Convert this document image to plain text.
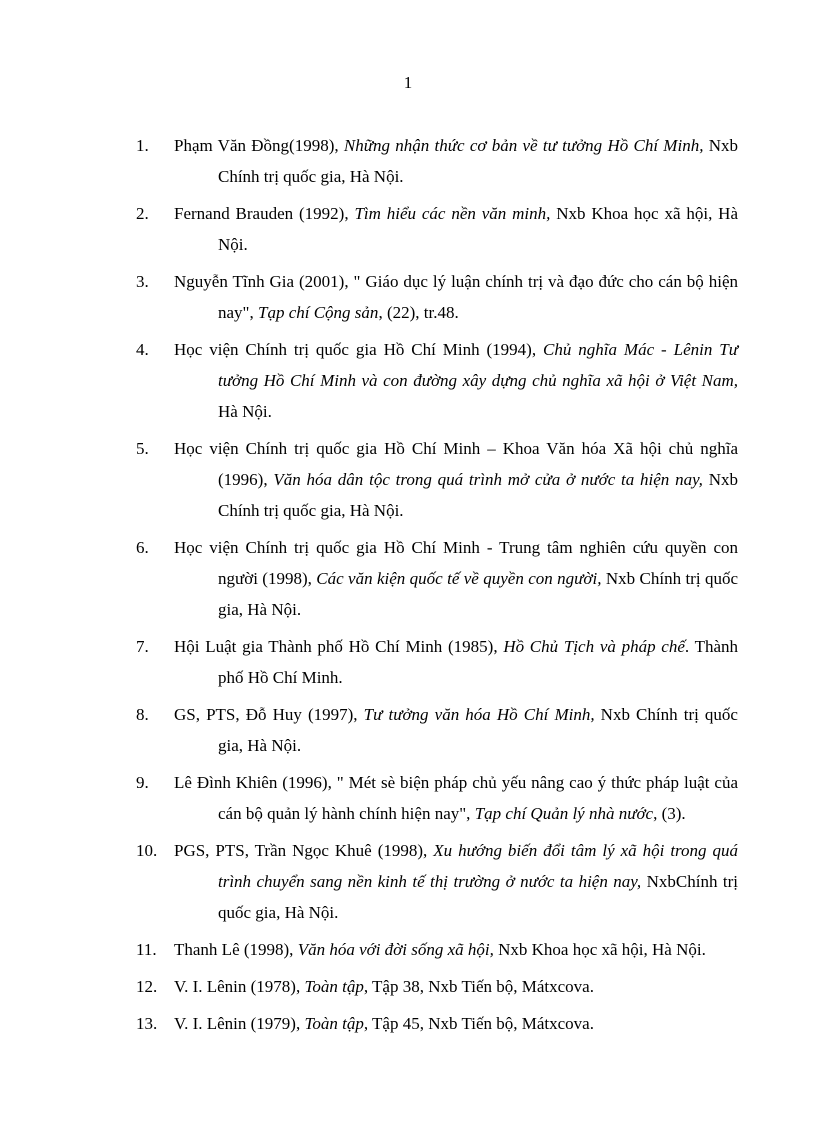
1
1. Phạm Văn Đồng(1998), Những nhận thức cơ bản về tư tưởng Hồ Chí Minh, Nxb Chính trị quốc gia, Hà Nội.
2. Fernand Brauden (1992), Tìm hiểu các nền văn minh, Nxb Khoa học xã hội, Hà Nội.
3. Nguyễn Tĩnh Gia (2001), " Giáo dục lý luận chính trị và đạo đức cho cán bộ hiện nay", Tạp chí Cộng sản, (22), tr.48.
4. Học viện Chính trị quốc gia Hồ Chí Minh (1994), Chủ nghĩa Mác - Lênin Tư tưởng Hồ Chí Minh và con đường xây dựng chủ nghĩa xã hội ở Việt Nam, Hà Nội.
5. Học viện Chính trị quốc gia Hồ Chí Minh – Khoa Văn hóa Xã hội chủ nghĩa (1996), Văn hóa dân tộc trong quá trình mở cửa ở nước ta hiện nay, Nxb Chính trị quốc gia, Hà Nội.
6. Học viện Chính trị quốc gia Hồ Chí Minh - Trung tâm nghiên cứu quyền con người (1998), Các văn kiện quốc tế về quyền con người, Nxb Chính trị quốc gia, Hà Nội.
7. Hội Luật gia Thành phố Hồ Chí Minh (1985), Hồ Chủ Tịch và pháp chế. Thành phố Hồ Chí Minh.
8. GS, PTS, Đỗ Huy (1997), Tư tưởng văn hóa Hồ Chí Minh, Nxb Chính trị quốc gia, Hà Nội.
9. Lê Đình Khiên (1996), " Mét sè biện pháp chủ yếu nâng cao ý thức pháp luật của cán bộ quản lý hành chính hiện nay", Tạp chí Quản lý nhà nước, (3).
10. PGS, PTS, Trần Ngọc Khuê (1998), Xu hướng biến đổi tâm lý xã hội trong quá trình chuyển sang nền kinh tế thị trường ở nước ta hiện nay, NxbChính trị quốc gia, Hà Nội.
11. Thanh Lê (1998), Văn hóa với đời sống xã hội, Nxb Khoa học xã hội, Hà Nội.
12. V. I. Lênin (1978), Toàn tập, Tập 38, Nxb Tiến bộ, Mátxcova.
13. V. I. Lênin (1979), Toàn tập, Tập 45, Nxb Tiến bộ, Mátxcova.
